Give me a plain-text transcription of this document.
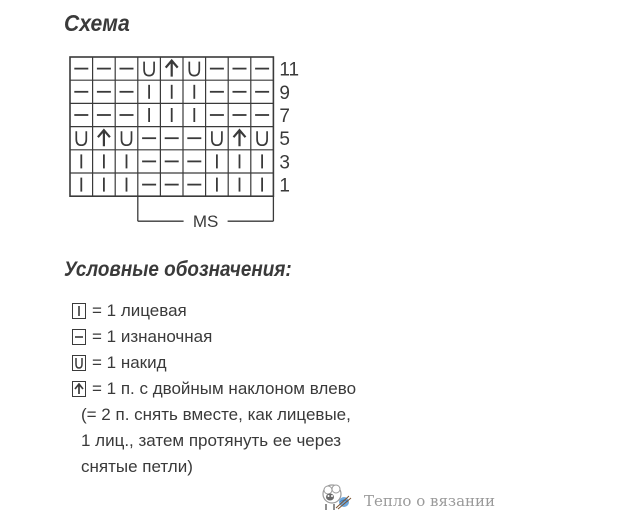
Схема
11
9
7
5
3
1
MS
Условные обозначения:
= 1 лицевая
= 1 изнаночная
= 1 накид
= 1 п. с двойным наклоном влево
(= 2 п. снять вместе, как лицевые,
1 лиц., затем протянуть ее через
снятые петли)
Тепло о вязании
